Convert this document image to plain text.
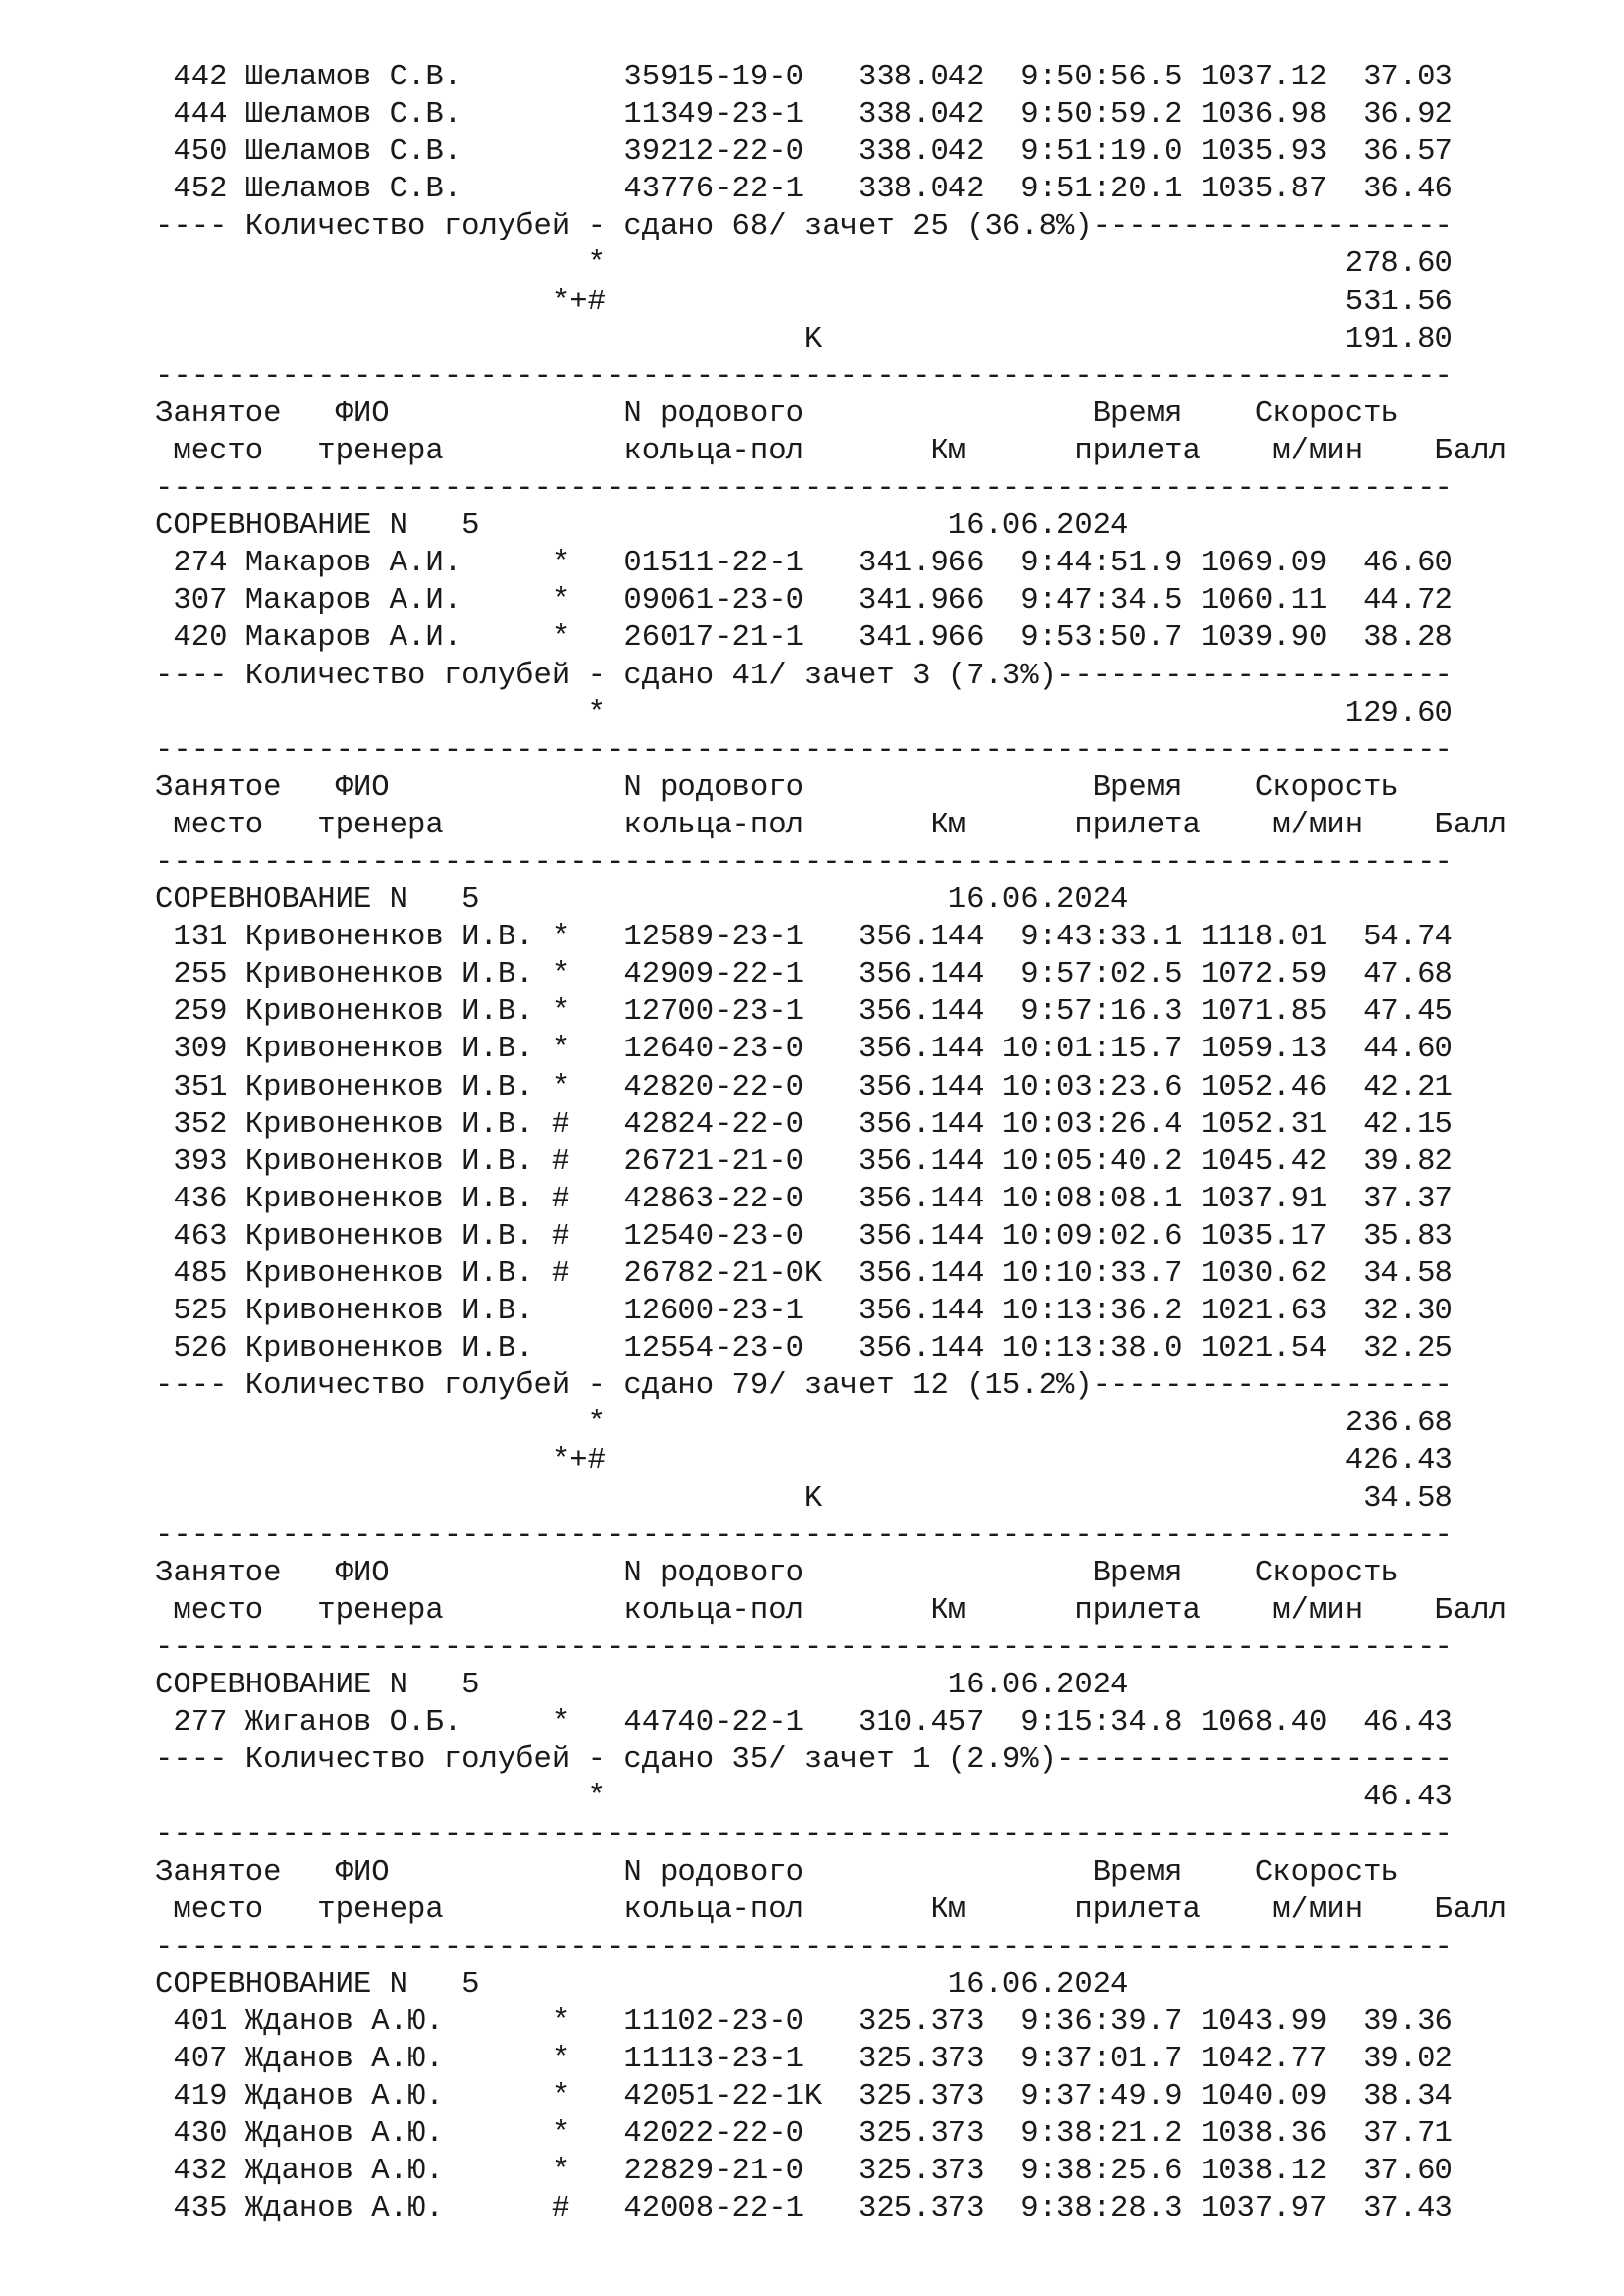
442 Шеламов С.В.         35915-19-0   338.042  9:50:56.5 1037.12  37.03
444 Шеламов С.В.         11349-23-1   338.042  9:50:59.2 1036.98  36.92
450 Шеламов С.В.         39212-22-0   338.042  9:51:19.0 1035.93  36.57
452 Шеламов С.В.         43776-22-1   338.042  9:51:20.1 1035.87  36.46
---- Количество голубей - сдано 68/ зачет 25 (36.8%)--------------------
*                                         278.60
*+#                                         531.56
K                             191.80
------------------------------------------------------------------------
Занятое   ФИО             N родового                Время    Скорость
место   тренера          кольца-пол       Км      прилета    м/мин    Балл
------------------------------------------------------------------------
СОРЕВНОВАНИЕ N   5                          16.06.2024
274 Макаров А.И.     *   01511-22-1   341.966  9:44:51.9 1069.09  46.60
307 Макаров А.И.     *   09061-23-0   341.966  9:47:34.5 1060.11  44.72
420 Макаров А.И.     *   26017-21-1   341.966  9:53:50.7 1039.90  38.28
---- Количество голубей - сдано 41/ зачет 3 (7.3%)----------------------
*                                         129.60
------------------------------------------------------------------------
Занятое   ФИО             N родового                Время    Скорость
место   тренера          кольца-пол       Км      прилета    м/мин    Балл
------------------------------------------------------------------------
СОРЕВНОВАНИЕ N   5                          16.06.2024
131 Кривоненков И.В. *   12589-23-1   356.144  9:43:33.1 1118.01  54.74
255 Кривоненков И.В. *   42909-22-1   356.144  9:57:02.5 1072.59  47.68
259 Кривоненков И.В. *   12700-23-1   356.144  9:57:16.3 1071.85  47.45
309 Кривоненков И.В. *   12640-23-0   356.144 10:01:15.7 1059.13  44.60
351 Кривоненков И.В. *   42820-22-0   356.144 10:03:23.6 1052.46  42.21
352 Кривоненков И.В. #   42824-22-0   356.144 10:03:26.4 1052.31  42.15
393 Кривоненков И.В. #   26721-21-0   356.144 10:05:40.2 1045.42  39.82
436 Кривоненков И.В. #   42863-22-0   356.144 10:08:08.1 1037.91  37.37
463 Кривоненков И.В. #   12540-23-0   356.144 10:09:02.6 1035.17  35.83
485 Кривоненков И.В. #   26782-21-0K  356.144 10:10:33.7 1030.62  34.58
525 Кривоненков И.В.     12600-23-1   356.144 10:13:36.2 1021.63  32.30
526 Кривоненков И.В.     12554-23-0   356.144 10:13:38.0 1021.54  32.25
---- Количество голубей - сдано 79/ зачет 12 (15.2%)--------------------
*                                         236.68
*+#                                         426.43
K                              34.58
------------------------------------------------------------------------
Занятое   ФИО             N родового                Время    Скорость
место   тренера          кольца-пол       Км      прилета    м/мин    Балл
------------------------------------------------------------------------
СОРЕВНОВАНИЕ N   5                          16.06.2024
277 Жиганов О.Б.     *   44740-22-1   310.457  9:15:34.8 1068.40  46.43
---- Количество голубей - сдано 35/ зачет 1 (2.9%)----------------------
*                                          46.43
------------------------------------------------------------------------
Занятое   ФИО             N родового                Время    Скорость
место   тренера          кольца-пол       Км      прилета    м/мин    Балл
------------------------------------------------------------------------
СОРЕВНОВАНИЕ N   5                          16.06.2024
401 Жданов А.Ю.      *   11102-23-0   325.373  9:36:39.7 1043.99  39.36
407 Жданов А.Ю.      *   11113-23-1   325.373  9:37:01.7 1042.77  39.02
419 Жданов А.Ю.      *   42051-22-1K  325.373  9:37:49.9 1040.09  38.34
430 Жданов А.Ю.      *   42022-22-0   325.373  9:38:21.2 1038.36  37.71
432 Жданов А.Ю.      *   22829-21-0   325.373  9:38:25.6 1038.12  37.60
435 Жданов А.Ю.      #   42008-22-1   325.373  9:38:28.3 1037.97  37.43
